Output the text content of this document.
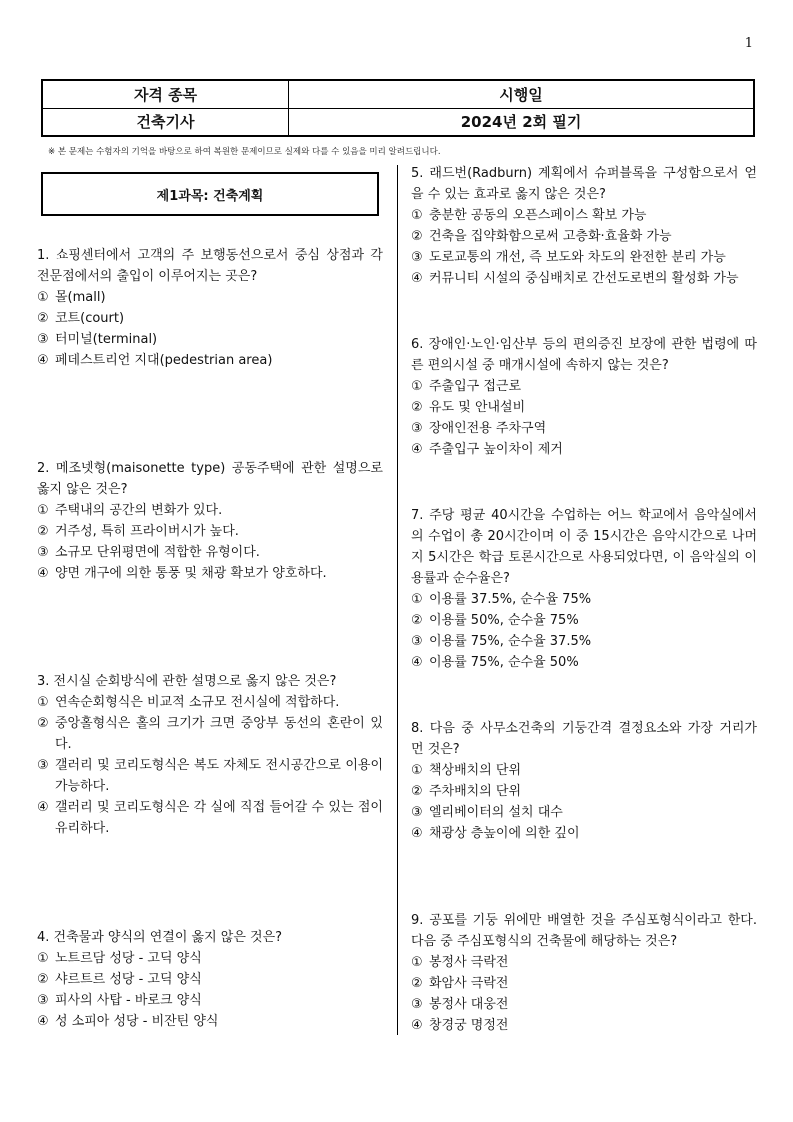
1
자격 종목	시행일
건축기사	2024년 2회 필기
※ 본 문제는 수험자의 기억을 바탕으로 하여 복원한 문제이므로 실제와 다를 수 있음을 미리 알려드립니다.
제1과목: 건축계획
1. 쇼핑센터에서 고객의 주 보행동선으로서 중심 상점과 각 전문점에서의 출입이 이루어지는 곳은?
① 몰(mall)
② 코트(court)
③ 터미널(terminal)
④ 페데스트리언 지대(pedestrian area)
2. 메조넷형(maisonette type) 공동주택에 관한 설명으로 옳지 않은 것은?
① 주택내의 공간의 변화가 있다.
② 거주성, 특히 프라이버시가 높다.
③ 소규모 단위평면에 적합한 유형이다.
④ 양면 개구에 의한 통풍 및 채광 확보가 양호하다.
3. 전시실 순회방식에 관한 설명으로 옳지 않은 것은?
① 연속순회형식은 비교적 소규모 전시실에 적합하다.
② 중앙홀형식은 홀의 크기가 크면 중앙부 동선의 혼란이 있다.
③ 갤러리 및 코리도형식은 복도 자체도 전시공간으로 이용이 가능하다.
④ 갤러리 및 코리도형식은 각 실에 직접 들어갈 수 있는 점이 유리하다.
4. 건축물과 양식의 연결이 옳지 않은 것은?
① 노트르담 성당 - 고딕 양식
② 샤르트르 성당 - 고딕 양식
③ 피사의 사탑 - 바로크 양식
④ 성 소피아 성당 - 비잔틴 양식
5. 래드번(Radburn) 계획에서 슈퍼블록을 구성함으로서 얻을 수 있는 효과로 옳지 않은 것은?
① 충분한 공동의 오픈스페이스 확보 가능
② 건축을 집약화함으로써 고층화·효율화 가능
③ 도로교통의 개선, 즉 보도와 차도의 완전한 분리 가능
④ 커뮤니티 시설의 중심배치로 간선도로변의 활성화 가능
6. 장애인·노인·임산부 등의 편의증진 보장에 관한 법령에 따른 편의시설 중 매개시설에 속하지 않는 것은?
① 주출입구 접근로
② 유도 및 안내설비
③ 장애인전용 주차구역
④ 주출입구 높이차이 제거
7. 주당 평균 40시간을 수업하는 어느 학교에서 음악실에서의 수업이 총 20시간이며 이 중 15시간은 음악시간으로 나머지 5시간은 학급 토론시간으로 사용되었다면, 이 음악실의 이용률과 순수율은?
① 이용률 37.5%, 순수율 75%
② 이용률 50%, 순수율 75%
③ 이용률 75%, 순수율 37.5%
④ 이용률 75%, 순수율 50%
8. 다음 중 사무소건축의 기둥간격 결정요소와 가장 거리가 먼 것은?
① 책상배치의 단위
② 주차배치의 단위
③ 엘리베이터의 설치 대수
④ 채광상 층높이에 의한 깊이
9. 공포를 기둥 위에만 배열한 것을 주심포형식이라고 한다. 다음 중 주심포형식의 건축물에 해당하는 것은?
① 봉정사 극락전
② 화암사 극락전
③ 봉정사 대웅전
④ 창경궁 명정전
